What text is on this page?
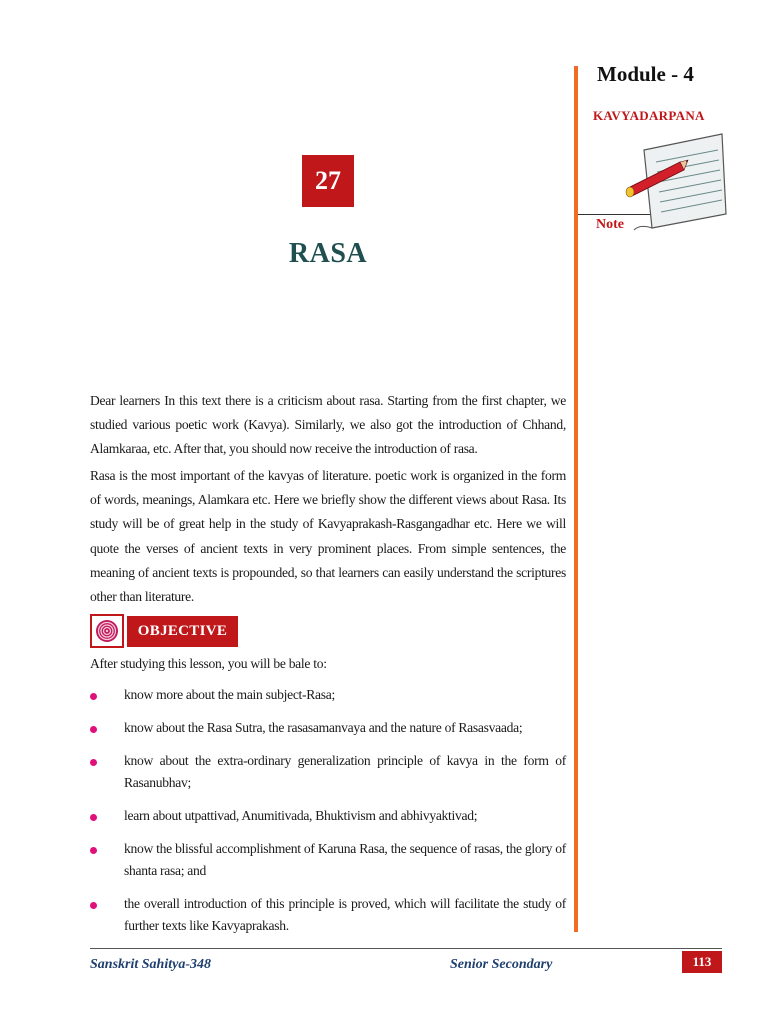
Module - 4
KAVYADARPANA
Note
27
RASA
Dear learners In this text there is a criticism about rasa. Starting from the first chapter, we studied various poetic work (Kavya). Similarly, we also got the introduction of Chhand, Alamkaraa, etc. After that, you should now receive the introduction of rasa.
Rasa is the most important of the kavyas of literature. poetic work is organized in the form of words, meanings, Alamkara etc. Here we briefly show the different views about Rasa. Its study will be of great help in the study of Kavyaprakash-Rasgangadhar etc. Here we will quote the verses of ancient texts in very prominent places. From simple sentences, the meaning of ancient texts is propounded, so that learners can easily understand the scriptures other than literature.
OBJECTIVE
After studying this lesson, you will be bale to:
know more about the main subject-Rasa;
know about the Rasa Sutra, the rasasamanvaya and the nature of Rasasvaada;
know about the extra-ordinary generalization principle of kavya in the form of Rasanubhav;
learn about utpattivad, Anumitivada, Bhuktivism and abhivyaktivad;
know the blissful accomplishment of Karuna Rasa, the sequence of rasas, the glory of shanta rasa; and
the overall introduction of this principle is proved, which will facilitate the study of further texts like Kavyaprakash.
Sanskrit Sahitya-348	Senior Secondary	113
